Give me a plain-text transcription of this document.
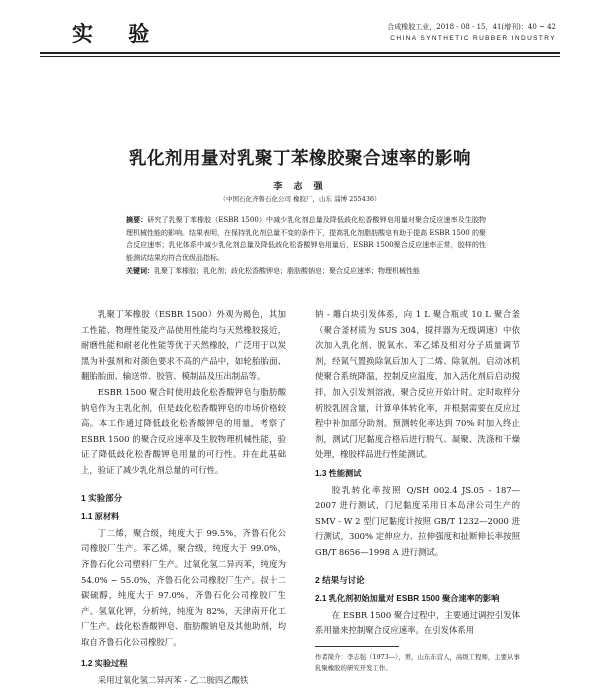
实 验	合成橡胶工业，2018 - 08 - 15，41(增刊)：40 ~ 42
CHINA SYNTHETIC RUBBER INDUSTRY
乳化剂用量对乳聚丁苯橡胶聚合速率的影响
李 志 强
（中国石化齐鲁石化公司 橡胶厂，山东 淄博 255436）
摘要：研究了乳聚丁苯橡胶（ESBR 1500）中减少乳化剂总量及降低歧化松香酸钾皂用量对聚合反应速率及生胶物理机械性能的影响。结果表明，在保持乳化剂总量不变的条件下，提高乳化剂脂肪酸皂有助于提高 ESBR 1500 的聚合反应速率；乳化体系中减少乳化剂总量及降低歧化松香酸钾皂用量后，ESBR 1500聚合反应速率正常，胶样的性能测试结果均符合优级品指标。
关键词：乳聚丁苯橡胶；乳化剂；歧化松香酸钾皂；脂肪酸钠皂；聚合反应速率；物理机械性能

乳聚丁苯橡胶（ESBR 1500）外观为褐色，其加工性能、物理性能及产品使用性能均与天然橡胶接近，耐磨性能和耐老化性能等优于天然橡胶，广泛用于以炭黑为补强剂和对颜色要求不高的产品中，如轮胎胎面、翻胎胎面、输送带、胶管、模制品及压出制品等。

ESBR 1500 聚合时使用歧化松香酸钾皂与脂肪酸钠皂作为主乳化剂，但是歧化松香酸钾皂的市场价格较高。本工作通过降低歧化松香酸钾皂的用量，考察了 ESBR 1500 的聚合反应速率及生胶物理机械性能，验证了降低歧化松香酸钾皂用量的可行性。并在此基础上，验证了减少乳化剂总量的可行性。

1 实验部分
1.1 原材料

丁二烯，聚合级，纯度大于 99.5%，齐鲁石化公司橡胶厂生产。苯乙烯，聚合级，纯度大于 99.0%，齐鲁石化公司塑料厂生产。过氧化氢二异丙苯，纯度为 54.0% ~ 55.0%，齐鲁石化公司橡胶厂生产。叔十二碳硫醇，纯度大于 97.0%，齐鲁石化公司橡胶厂生产。氢氧化钾，分析纯，纯度为 82%，天津南开化工厂生产。歧化松香酸钾皂、脂肪酸钠皂及其他助剂，均取自齐鲁石化公司橡胶厂。

1.2 实验过程

采用过氧化氢二异丙苯 - 乙二胺四乙酸铁

钠 - 雕白块引发体系，向 1 L 聚合瓶或 10 L 聚合釜（聚合釜材质为 SUS 304，搅拌器为无级调速）中依次加入乳化剂、脱氧水、苯乙烯及相对分子质量调节剂，经氮气置换除氧后加入丁二烯、除氧剂。启动冰机使聚合系统降温，控制反应温度，加入活化剂后启动搅拌，加入引发剂溶液，聚合反应开始计时。定时取样分析胶乳固含量，计算单体转化率，并根据需要在反应过程中补加部分助剂。预测转化率达到 70% 时加入终止剂，测试门尼黏度合格后进行脱气、凝聚、洗涤和干燥处理，橡胶样品进行性能测试。

1.3 性能测试

胶乳转化率按照 Q/SH 002.4 JS.05 - 187—2007 进行测试，门尼黏度采用日本岛津公司生产的 SMV - W 2 型门尼黏度计按照 GB/T 1232—2000 进行测试，300% 定伸应力、拉伸强度和扯断伸长率按照 GB/T 8656—1998 A 进行测试。

2 结果与讨论
2.1 乳化剂初始加量对 ESBR 1500 聚合速率的影响

在 ESBR 1500 聚合过程中，主要通过调控引发体系用量来控制聚合反应速率。在引发体系用

作者简介：李志强（1973—），男，山东东营人，高级工程师，主要从事乳聚橡胶的研究开发工作。
